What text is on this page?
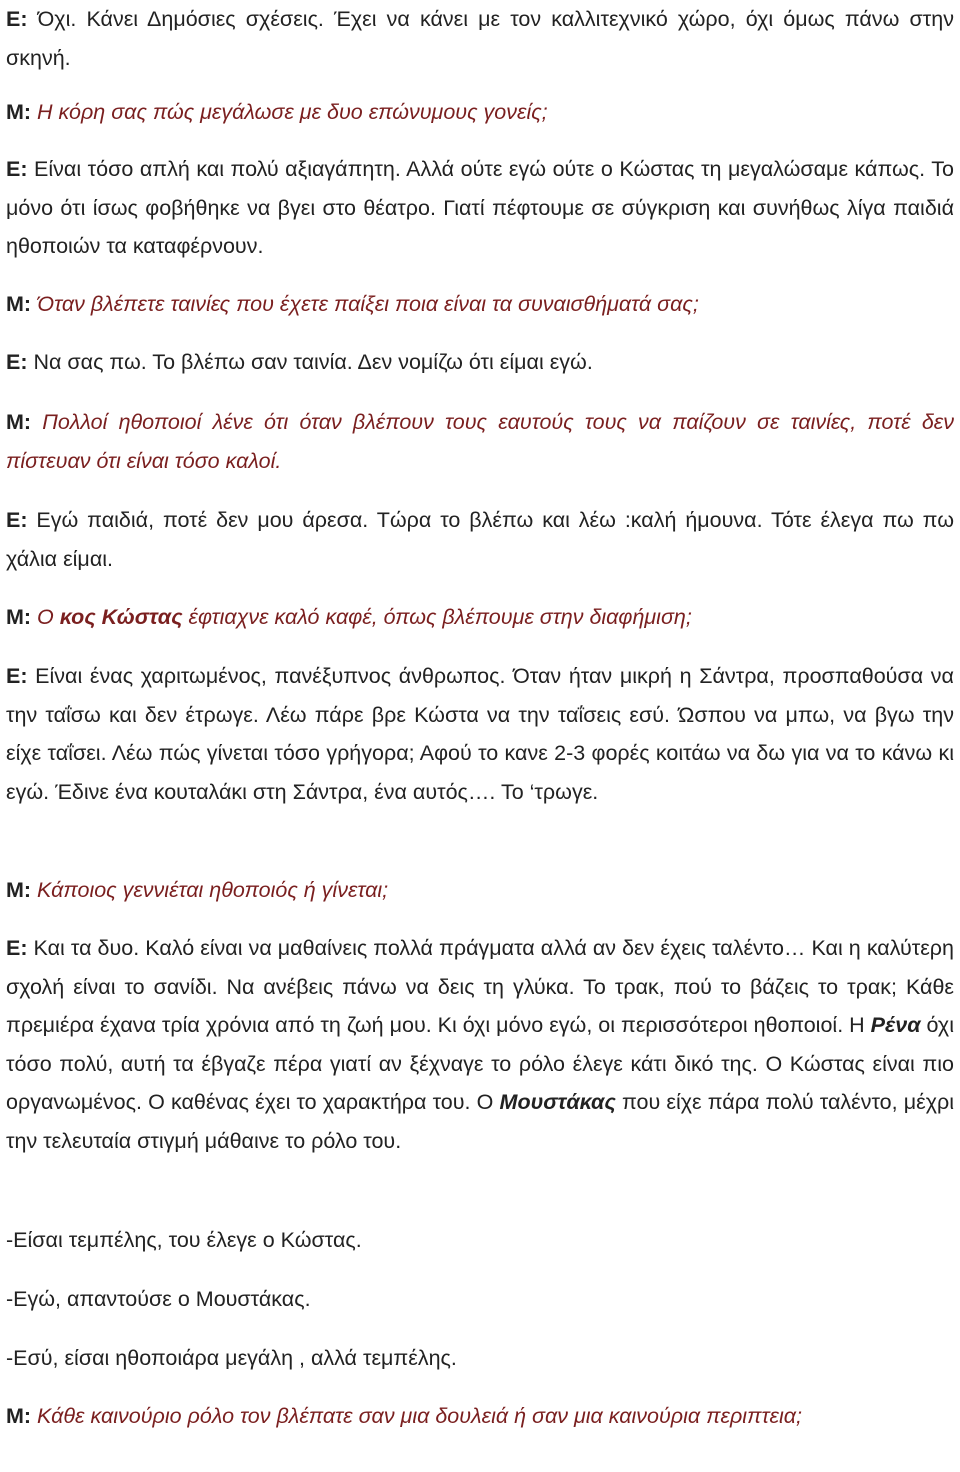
Ε: Όχι. Κάνει Δημόσιες σχέσεις. Έχει να κάνει με τον καλλιτεχνικό χώρο, όχι όμως πάνω στην σκηνή.

Μ: Η κόρη σας πώς μεγάλωσε με δυο επώνυμους γονείς;

Ε: Είναι τόσο απλή και πολύ αξιαγάπητη. Αλλά ούτε εγώ ούτε ο Κώστας τη μεγαλώσαμε κάπως. Το μόνο ότι ίσως φοβήθηκε να βγει στο θέατρο. Γιατί πέφτουμε σε σύγκριση και συνήθως λίγα παιδιά ηθοποιών τα καταφέρνουν.

Μ: Όταν βλέπετε ταινίες που έχετε παίξει ποια είναι τα συναισθήματά σας;

Ε: Να σας πω. Το βλέπω σαν ταινία. Δεν νομίζω ότι είμαι εγώ.

Μ: Πολλοί ηθοποιοί λένε ότι όταν βλέπουν τους εαυτούς τους να παίζουν σε ταινίες, ποτέ δεν πίστευαν ότι είναι τόσο καλοί.

Ε: Εγώ παιδιά, ποτέ δεν μου άρεσα. Τώρα το βλέπω και λέω :καλή ήμουνα. Τότε έλεγα πω πω χάλια είμαι.

Μ: Ο κος Κώστας έφτιαχνε καλό καφέ, όπως βλέπουμε στην διαφήμιση;

Ε: Είναι ένας χαριτωμένος, πανέξυπνος άνθρωπος. Όταν ήταν μικρή η Σάντρα, προσπαθούσα να την ταΐσω και δεν έτρωγε. Λέω πάρε βρε Κώστα να την ταΐσεις εσύ. Ώσπου να μπω, να βγω την είχε ταΐσει. Λέω πώς γίνεται τόσο γρήγορα; Αφού το κανε 2-3 φορές κοιτάω να δω για να το κάνω κι εγώ. Έδινε ένα κουταλάκι στη Σάντρα, ένα αυτός…. Το ‘τρωγε.

Μ: Κάποιος γεννιέται ηθοποιός ή γίνεται;

Ε: Και τα δυο. Καλό είναι να μαθαίνεις πολλά πράγματα αλλά αν δεν έχεις ταλέντο… Και η καλύτερη σχολή είναι το σανίδι. Να ανέβεις πάνω να δεις τη γλύκα. Το τρακ, πού το βάζεις το τρακ; Κάθε πρεμιέρα έχανα τρία χρόνια από τη ζωή μου. Κι όχι μόνο εγώ, οι περισσότεροι ηθοποιοί. Η Ρένα όχι τόσο πολύ, αυτή τα έβγαζε πέρα γιατί αν ξέχναγε το ρόλο έλεγε κάτι δικό της. Ο Κώστας είναι πιο οργανωμένος. Ο καθένας έχει το χαρακτήρα του. Ο Μουστάκας που είχε πάρα πολύ ταλέντο, μέχρι την τελευταία στιγμή μάθαινε το ρόλο του.

-Είσαι τεμπέλης, του έλεγε ο Κώστας.

-Εγώ, απαντούσε ο Μουστάκας.

-Εσύ, είσαι ηθοποιάρα μεγάλη , αλλά τεμπέλης.

Μ: Κάθε καινούριο ρόλο τον βλέπατε σαν μια δουλειά ή σαν μια καινούρια περιπτεια;
